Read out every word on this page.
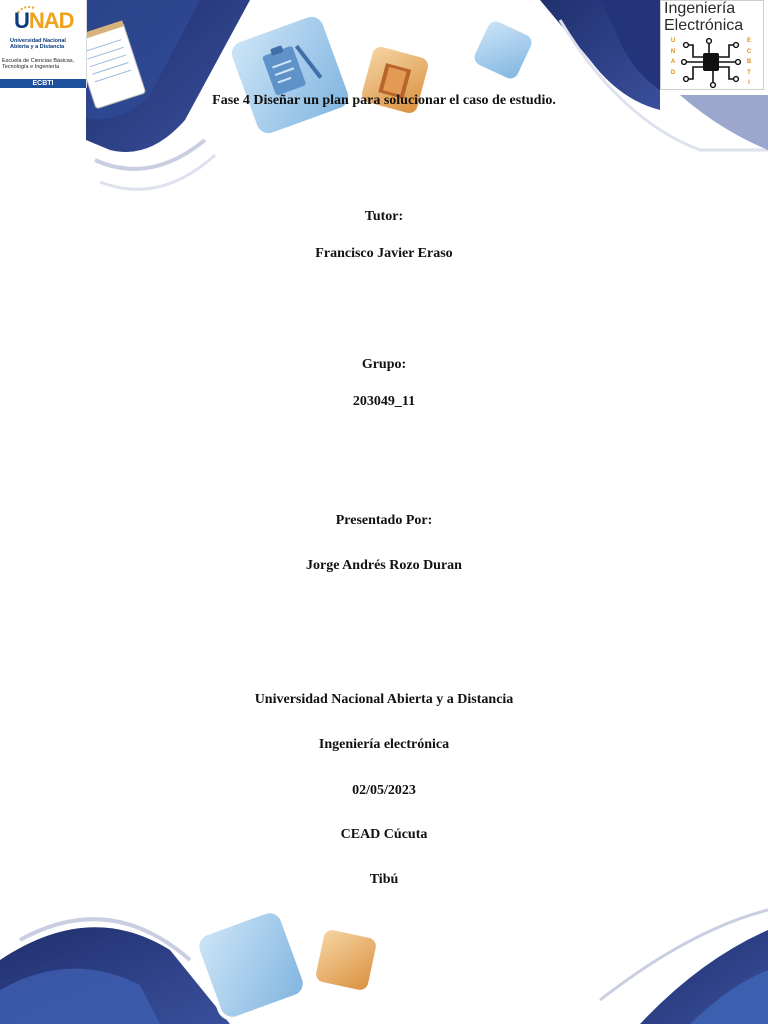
UNAD
Universidad Nacional
Abierta y a Distancia
Escuela de Ciencias Básicas,
Tecnología e Ingeniería
ECBTI
Ingeniería
Electrónica
U
N
A
D
E
C
B
T
I
Fase 4 Diseñar un plan para solucionar el caso de estudio.
Tutor:
Francisco Javier Eraso
Grupo:
203049_11
Presentado Por:
Jorge Andrés Rozo Duran
Universidad Nacional Abierta y a Distancia
Ingeniería electrónica
02/05/2023
CEAD Cúcuta
Tibú
